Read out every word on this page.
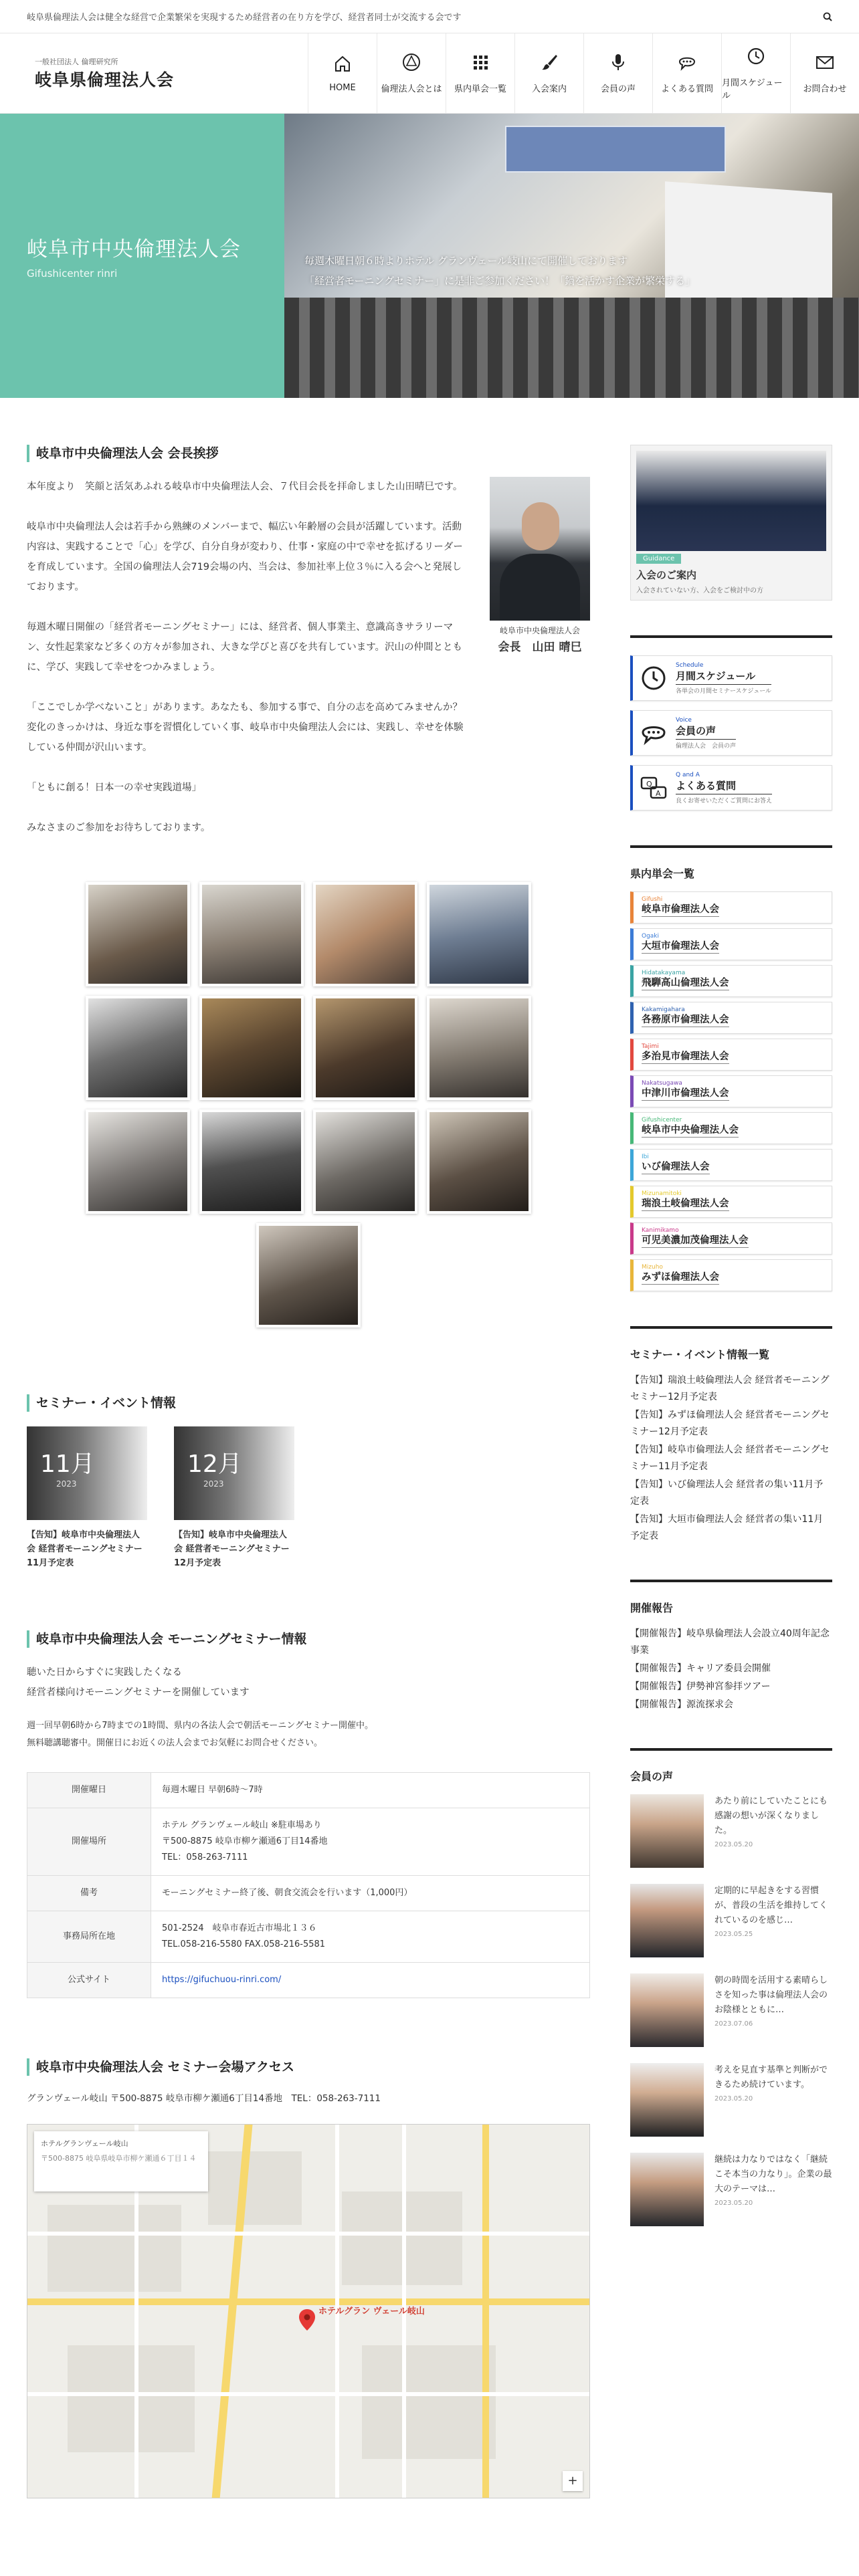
岐阜県倫理法人会は健全な経営で企業繁栄を実現するため経営者の在り方を学び、経営者同士が交流する会です
一般社団法人 倫理研究所
岐阜県倫理法人会	HOME	倫理法人会とは 県内単会一覧	入会案内	会員の声	よくある質問
月間スケジュール
お問合わせ
岐阜市中央倫理法人会
Gifushicenter rinri
毎週木曜日朝６時よりホテル グランヴェール岐山にて開催しております
「経営者モーニングセミナー」に是非ご参加ください！「鍋を活かす企業が繁栄する」
岐阜市中央倫理法人会 会長挨拶

本年度より　笑顔と活気あふれる岐阜市中央倫理法人会、７代目会長を拝命しました山田晴巳です。

岐阜市中央倫理法人会は若手から熟練のメンバーまで、幅広い年齢層の会員が活躍しています。活動内容は、実践することで「心」を学び、自分自身が変わり、仕事・家庭の中で幸せを拡げるリーダーを育成しています。全国の倫理法人会719会場の内、当会は、参加社率上位３％に入る会へと発展しております。

毎週木曜日開催の「経営者モーニングセミナー」には、経営者、個人事業主、意識高きサラリーマン、女性起業家など多くの方々が参加され、大きな学びと喜びを共有しています。沢山の仲間とともに、学び、実践して幸せをつかみましょう。

「ここでしか学べないこと」があります。あなたも、参加する事で、自分の志を高めてみませんか？変化のきっかけは、身近な事を習慣化していく事、岐阜市中央倫理法人会には、実践し、幸せを体験している仲間が沢山います。

「ともに創る！日本一の幸せ実践道場」

みなさまのご参加をお待ちしております。

岐阜市中央倫理法人会
会長　山田 晴巳
セミナー・イベント情報
11月
2023
【告知】岐阜市中央倫理法人会 経営者モーニングセミナー11月予定表
12月
2023
【告知】岐阜市中央倫理法人会 経営者モーニングセミナー12月予定表
岐阜市中央倫理法人会 モーニングセミナー情報
聴いた日からすぐに実践したくなる
経営者様向けモーニングセミナーを開催しています
週一回早朝6時から7時までの1時間、県内の各法人会で朝活モーニングセミナー開催中。
無料聴講聴審中。開催日にお近くの法人会までお気軽にお問合せください。
開催曜日	毎週木曜日 早朝6時〜7時

開催場所	ホテル グランヴェール岐山 ※駐車場あり
〒500-8875 岐阜市柳ケ瀬通6丁目14番地
TEL：058-263-7111

備考	モーニングセミナー終了後、朝食交流会を行います（1,000円）

事務局所在地	501-2524　岐阜市春近古市場北１３６
TEL.058-216-5580 FAX.058-216-5581

公式サイト	https://gifuchuou-rinri.com/
岐阜市中央倫理法人会 セミナー会場アクセス
グランヴェール岐山 〒500-8875 岐阜市柳ケ瀬通6丁目14番地　TEL：058-263-7111
ホテルグランヴェール岐山
〒500-8875 岐阜県岐阜市柳ケ瀬通６丁目１４
ホテルグラン ヴェール岐山
+
Guidance
入会のご案内
入会されていない方、入会をご検討中の方
Schedule
月間スケジュール
各単会の月間セミナースケジュール
Voice
会員の声
倫理法人会　会員の声
Q
A
Q and A
よくある質問
良くお寄せいただくご質問にお答え
県内単会一覧
Gifushi
岐阜市倫理法人会
Ogaki
大垣市倫理法人会
Hidatakayama
飛騨高山倫理法人会
Kakamigahara
各務原市倫理法人会
Tajimi
多治見市倫理法人会
Nakatsugawa
中津川市倫理法人会
Gifushicenter
岐阜市中央倫理法人会
Ibi
いび倫理法人会
Mizunamitoki
瑞浪土岐倫理法人会
Kanimikamo
可児美濃加茂倫理法人会
Mizuho
みずほ倫理法人会
セミナー・イベント情報一覧
【告知】瑞浪土岐倫理法人会 経営者モーニングセミナー12月予定表
【告知】みずほ倫理法人会 経営者モーニングセミナー12月予定表
【告知】岐阜市倫理法人会 経営者モーニングセミナー11月予定表
【告知】いび倫理法人会 経営者の集い11月予定表
【告知】大垣市倫理法人会 経営者の集い11月予定表
開催報告
【開催報告】岐阜県倫理法人会設立40周年記念事業
【開催報告】キャリア委員会開催
【開催報告】伊勢神宮参拝ツアー
【開催報告】源流探求会
会員の声
あたり前にしていたことにも感謝の想いが深くなりました。
2023.05.20
定期的に早起きをする習慣が、普段の生活を維持してくれているのを感じ…
2023.05.25
朝の時間を活用する素晴らしさを知った事は倫理法人会のお陰様とともに…
2023.07.06
考えを見直す基準と判断ができるため続けています。
2023.05.20
継続は力なりではなく「継続こそ本当の力なり」。企業の最大のテーマは…
2023.05.20
